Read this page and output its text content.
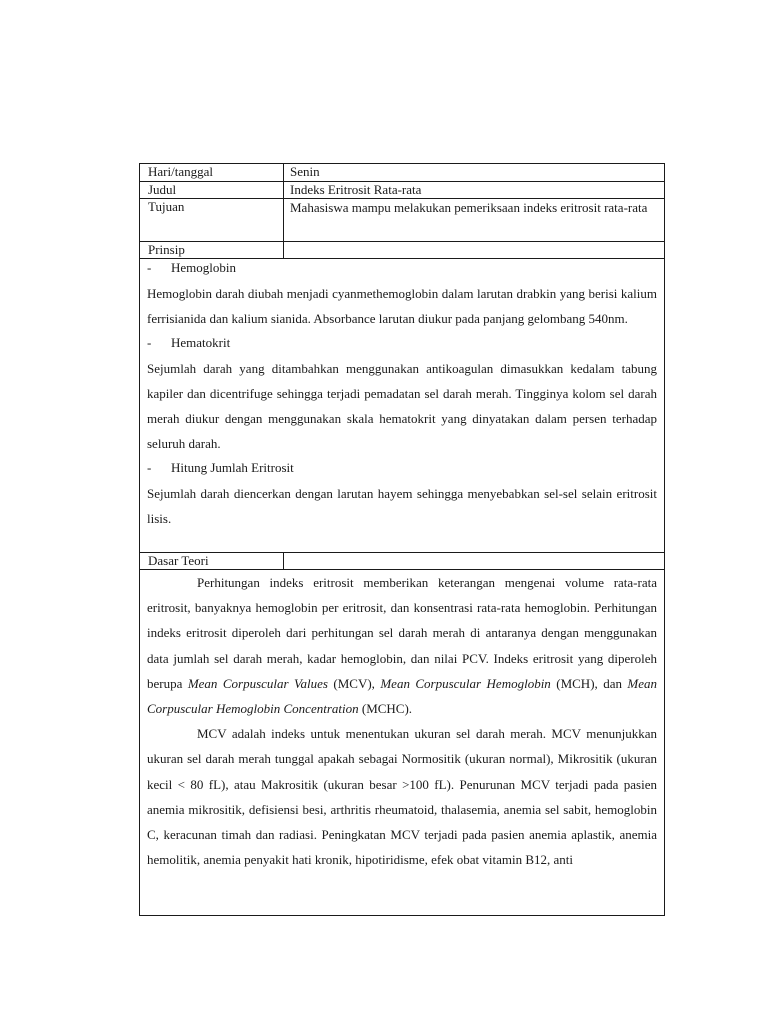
Hari/tanggal	Senin
Judul	Indeks Eritrosit Rata-rata
Tujuan	Mahasiswa mampu melakukan pemeriksaan indeks eritrosit rata-rata
Prinsip
- Hemoglobin

Hemoglobin darah diubah menjadi cyanmethemoglobin dalam larutan drabkin yang berisi kalium ferrisianida dan kalium sianida. Absorbance larutan diukur pada panjang gelombang 540nm.

- Hematokrit

Sejumlah darah yang ditambahkan menggunakan antikoagulan dimasukkan kedalam tabung kapiler dan dicentrifuge sehingga terjadi pemadatan sel darah merah. Tingginya kolom sel darah merah diukur dengan menggunakan skala hematokrit yang dinyatakan dalam persen terhadap seluruh darah.

- Hitung Jumlah Eritrosit

Sejumlah darah diencerkan dengan larutan hayem sehingga menyebabkan sel-sel selain eritrosit lisis.

Dasar Teori

Perhitungan indeks eritrosit memberikan keterangan mengenai volume rata-rata eritrosit, banyaknya hemoglobin per eritrosit, dan konsentrasi rata-rata hemoglobin. Perhitungan indeks eritrosit diperoleh dari perhitungan sel darah merah di antaranya dengan menggunakan data jumlah sel darah merah, kadar hemoglobin, dan nilai PCV. Indeks eritrosit yang diperoleh berupa Mean Corpuscular Values (MCV), Mean Corpuscular Hemoglobin (MCH), dan Mean Corpuscular Hemoglobin Concentration (MCHC).

MCV adalah indeks untuk menentukan ukuran sel darah merah. MCV menunjukkan ukuran sel darah merah tunggal apakah sebagai Normositik (ukuran normal), Mikrositik (ukuran kecil < 80 fL), atau Makrositik (ukuran besar >100 fL). Penurunan MCV terjadi pada pasien anemia mikrositik, defisiensi besi, arthritis rheumatoid, thalasemia, anemia sel sabit, hemoglobin C, keracunan timah dan radiasi. Peningkatan MCV terjadi pada pasien anemia aplastik, anemia hemolitik, anemia penyakit hati kronik, hipotiridisme, efek obat vitamin B12, anti
